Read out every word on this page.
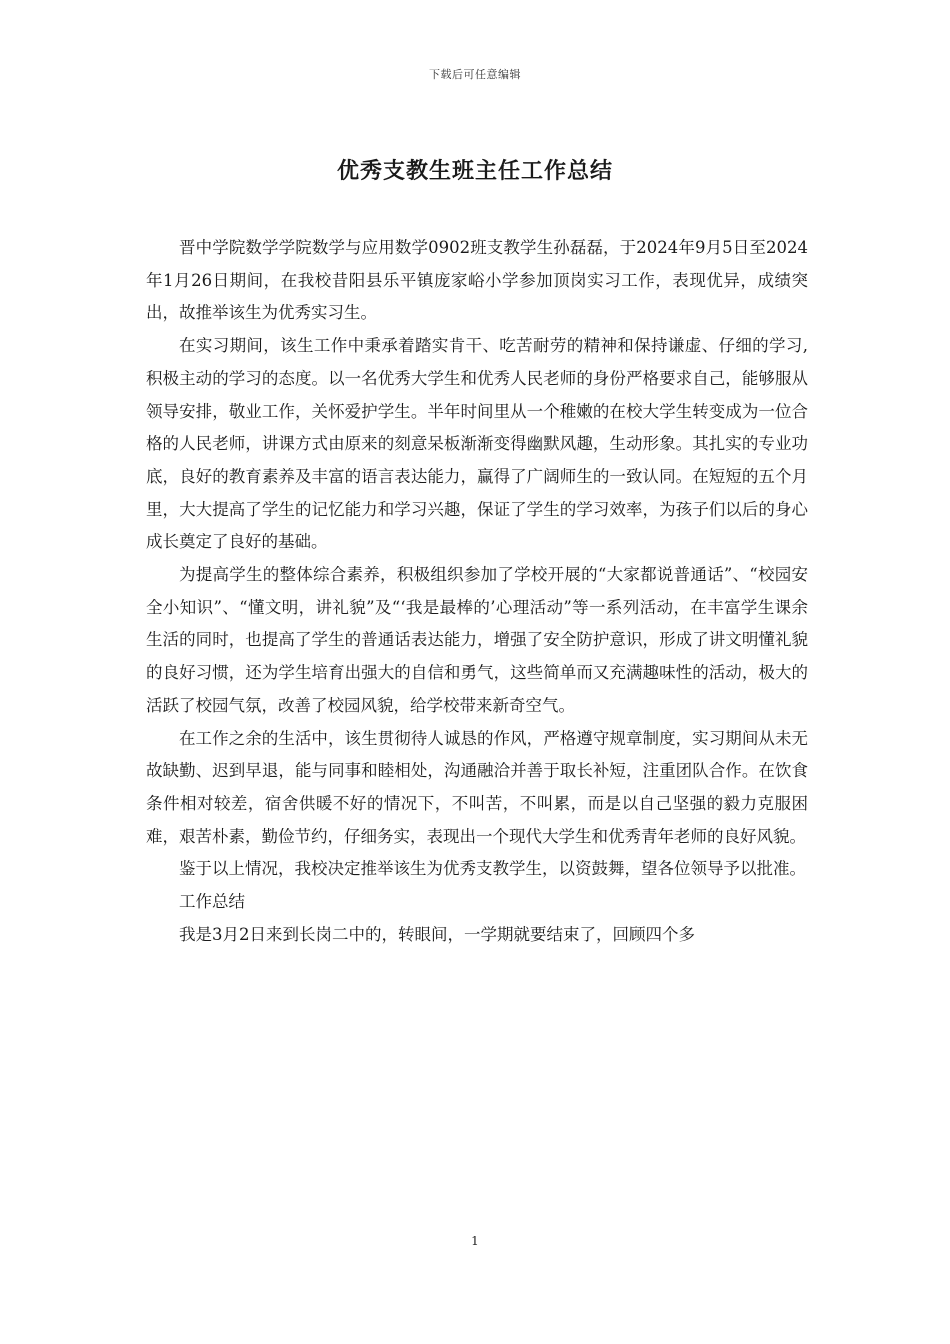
下载后可任意编辑
优秀支教生班主任工作总结

晋中学院数学学院数学与应用数学0902班支教学生孙磊磊，于2024年9月5日至2024年1月26日期间，在我校昔阳县乐平镇庞家峪小学参加顶岗实习工作，表现优异，成绩突出，故推举该生为优秀实习生。

在实习期间，该生工作中秉承着踏实肯干、吃苦耐劳的精神和保持谦虚、仔细的学习,积极主动的学习的态度。以一名优秀大学生和优秀人民老师的身份严格要求自己，能够服从领导安排，敬业工作，关怀爱护学生。半年时间里从一个稚嫩的在校大学生转变成为一位合格的人民老师，讲课方式由原来的刻意呆板渐渐变得幽默风趣，生动形象。其扎实的专业功底，良好的教育素养及丰富的语言表达能力，赢得了广阔师生的一致认同。在短短的五个月里，大大提高了学生的记忆能力和学习兴趣，保证了学生的学习效率，为孩子们以后的身心成长奠定了良好的基础。

为提高学生的整体综合素养，积极组织参加了学校开展的“大家都说普通话”、“校园安全小知识”、“懂文明，讲礼貌”及“‘我是最棒的’心理活动”等一系列活动，在丰富学生课余生活的同时，也提高了学生的普通话表达能力，增强了安全防护意识，形成了讲文明懂礼貌的良好习惯，还为学生培育出强大的自信和勇气，这些简单而又充满趣味性的活动，极大的活跃了校园气氛，改善了校园风貌，给学校带来新奇空气。

在工作之余的生活中，该生贯彻待人诚恳的作风，严格遵守规章制度，实习期间从未无故缺勤、迟到早退，能与同事和睦相处，沟通融洽并善于取长补短，注重团队合作。在饮食条件相对较差，宿舍供暖不好的情况下，不叫苦，不叫累，而是以自己坚强的毅力克服困难，艰苦朴素，勤俭节约，仔细务实，表现出一个现代大学生和优秀青年老师的良好风貌。

鉴于以上情况，我校决定推举该生为优秀支教学生，以资鼓舞，望各位领导予以批准。

工作总结

我是3月2日来到长岗二中的，转眼间，一学期就要结束了，回顾四个多

1
